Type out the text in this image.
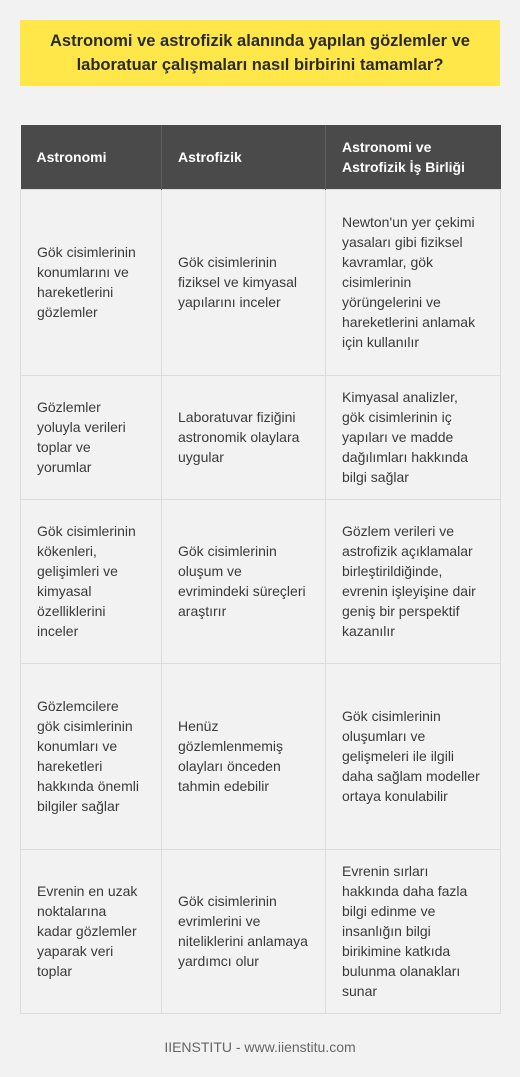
Astronomi ve astrofizik alanında yapılan gözlemler ve laboratuar çalışmaları nasıl birbirini tamamlar?
Astronomi	Astrofizik	Astronomi ve Astrofizik İş Birliği
Gök cisimlerinin konumlarını ve hareketlerini gözlemler	Gök cisimlerinin fiziksel ve kimyasal yapılarını inceler	Newton'un yer çekimi yasaları gibi fiziksel kavramlar, gök cisimlerinin yörüngelerini ve hareketlerini anlamak için kullanılır
Gözlemler yoluyla verileri toplar ve yorumlar	Laboratuvar fiziğini astronomik olaylara uygular	Kimyasal analizler, gök cisimlerinin iç yapıları ve madde dağılımları hakkında bilgi sağlar
Gök cisimlerinin kökenleri, gelişimleri ve kimyasal özelliklerini inceler	Gök cisimlerinin oluşum ve evrimindeki süreçleri araştırır	Gözlem verileri ve astrofizik açıklamalar birleştirildiğinde, evrenin işleyişine dair geniş bir perspektif kazanılır
Gözlemcilere gök cisimlerinin konumları ve hareketleri hakkında önemli bilgiler sağlar	Henüz gözlemlenmemiş olayları önceden tahmin edebilir	Gök cisimlerinin oluşumları ve gelişmeleri ile ilgili daha sağlam modeller ortaya konulabilir
Evrenin en uzak noktalarına kadar gözlemler yaparak veri toplar	Gök cisimlerinin evrimlerini ve niteliklerini anlamaya yardımcı olur	Evrenin sırları hakkında daha fazla bilgi edinme ve insanlığın bilgi birikimine katkıda bulunma olanakları sunar
IIENSTITU - www.iienstitu.com
